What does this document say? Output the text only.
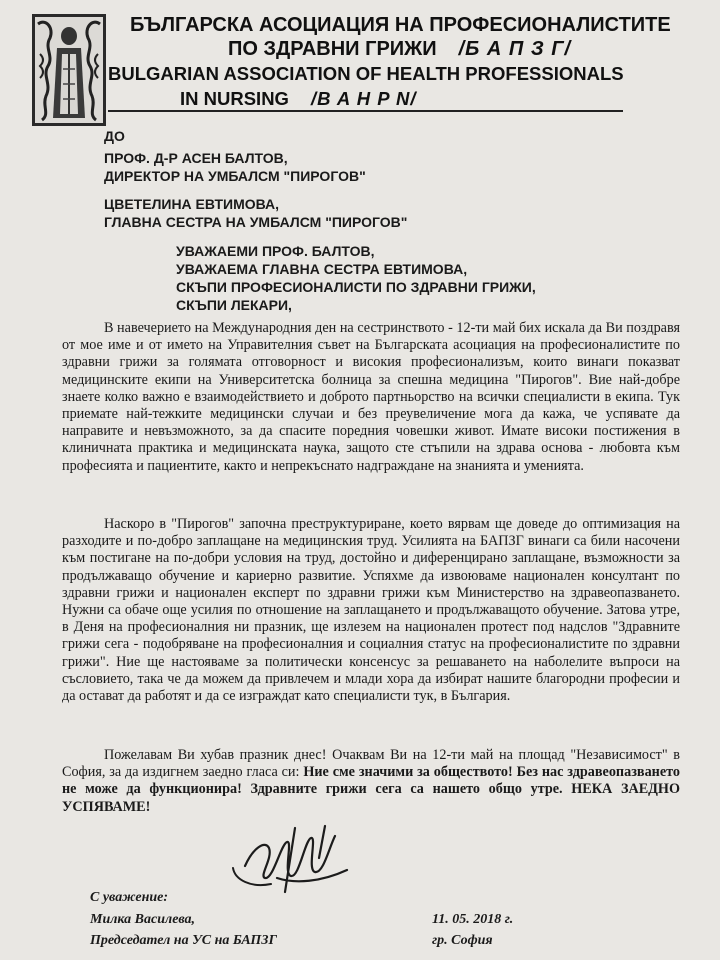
БЪЛГАРСКА АСОЦИАЦИЯ НА ПРОФЕСИОНАЛИСТИТЕ
ПО ЗДРАВНИ ГРИЖИ /Б А П З Г/
BULGARIAN ASSOCIATION OF HEALTH PROFESSIONALS
IN NURSING /B A H P N/
ДО
ПРОФ. Д-Р АСЕН БАЛТОВ,
ДИРЕКТОР НА УМБАЛСМ "ПИРОГОВ"
ЦВЕТЕЛИНА ЕВТИМОВА,
ГЛАВНА СЕСТРА НА УМБАЛСМ "ПИРОГОВ"
УВАЖАЕМИ ПРОФ. БАЛТОВ,
УВАЖАЕМА ГЛАВНА СЕСТРА ЕВТИМОВА,
СКЪПИ ПРОФЕСИОНАЛИСТИ ПО ЗДРАВНИ ГРИЖИ,
СКЪПИ ЛЕКАРИ,

В навечерието на Международния ден на сестринството - 12-ти май бих искала да Ви поздравя от мое име и от името на Управителния съвет на Българската асоциация на професионалистите по здравни грижи за голямата отговорност и високия професионализъм, които винаги показват медицинските екипи на Университетска болница за спешна медицина "Пирогов". Вие най-добре знаете колко важно е взаимодействието и доброто партньорство на всички специалисти в екипа. Тук приемате най-тежките медицински случаи и без преувеличение мога да кажа, че успявате да направите и невъзможното, за да спасите поредния човешки живот. Имате високи постижения в клиничната практика и медицинската наука, защото сте стъпили на здрава основа - любовта към професията и пациентите, както и непрекъснато надграждане на знанията и уменията.

Наскоро в "Пирогов" започна преструктуриране, което вярвам ще доведе до оптимизация на разходите и по-добро заплащане на медицинския труд. Усилията на БАПЗГ винаги са били насочени към постигане на по-добри условия на труд, достойно и диференцирано заплащане, възможности за продължаващо обучение и кариерно развитие. Успяхме да извоюваме национален консултант по здравни грижи и национален експерт по здравни грижи към Министерство на здравеопазването. Нужни са обаче още усилия по отношение на заплащането и продължаващото обучение. Затова утре, в Деня на професионалния ни празник, ще излезем на национален протест под надслов "Здравните грижи сега - подобряване на професионалния и социалния статус на професионалистите по здравни грижи". Ние ще настояваме за политически консенсус за решаването на наболелите въпроси на съсловието, така че да можем да привлечем и млади хора да избират нашите благородни професии и да остават да работят и да се изграждат като специалисти тук, в България.

Пожелавам Ви хубав празник днес! Очаквам Ви на 12-ти май на площад "Независимост" в София, за да издигнем заедно гласа си: Ние сме значими за обществото! Без нас здравеопазването не може да функционира! Здравните грижи сега са нашето общо утре. НЕКА ЗАЕДНО УСПЯВАМЕ!

С уважение:
Милка Василева,
Председател на УС на БАПЗГ
11. 05. 2018 г.
гр. София
